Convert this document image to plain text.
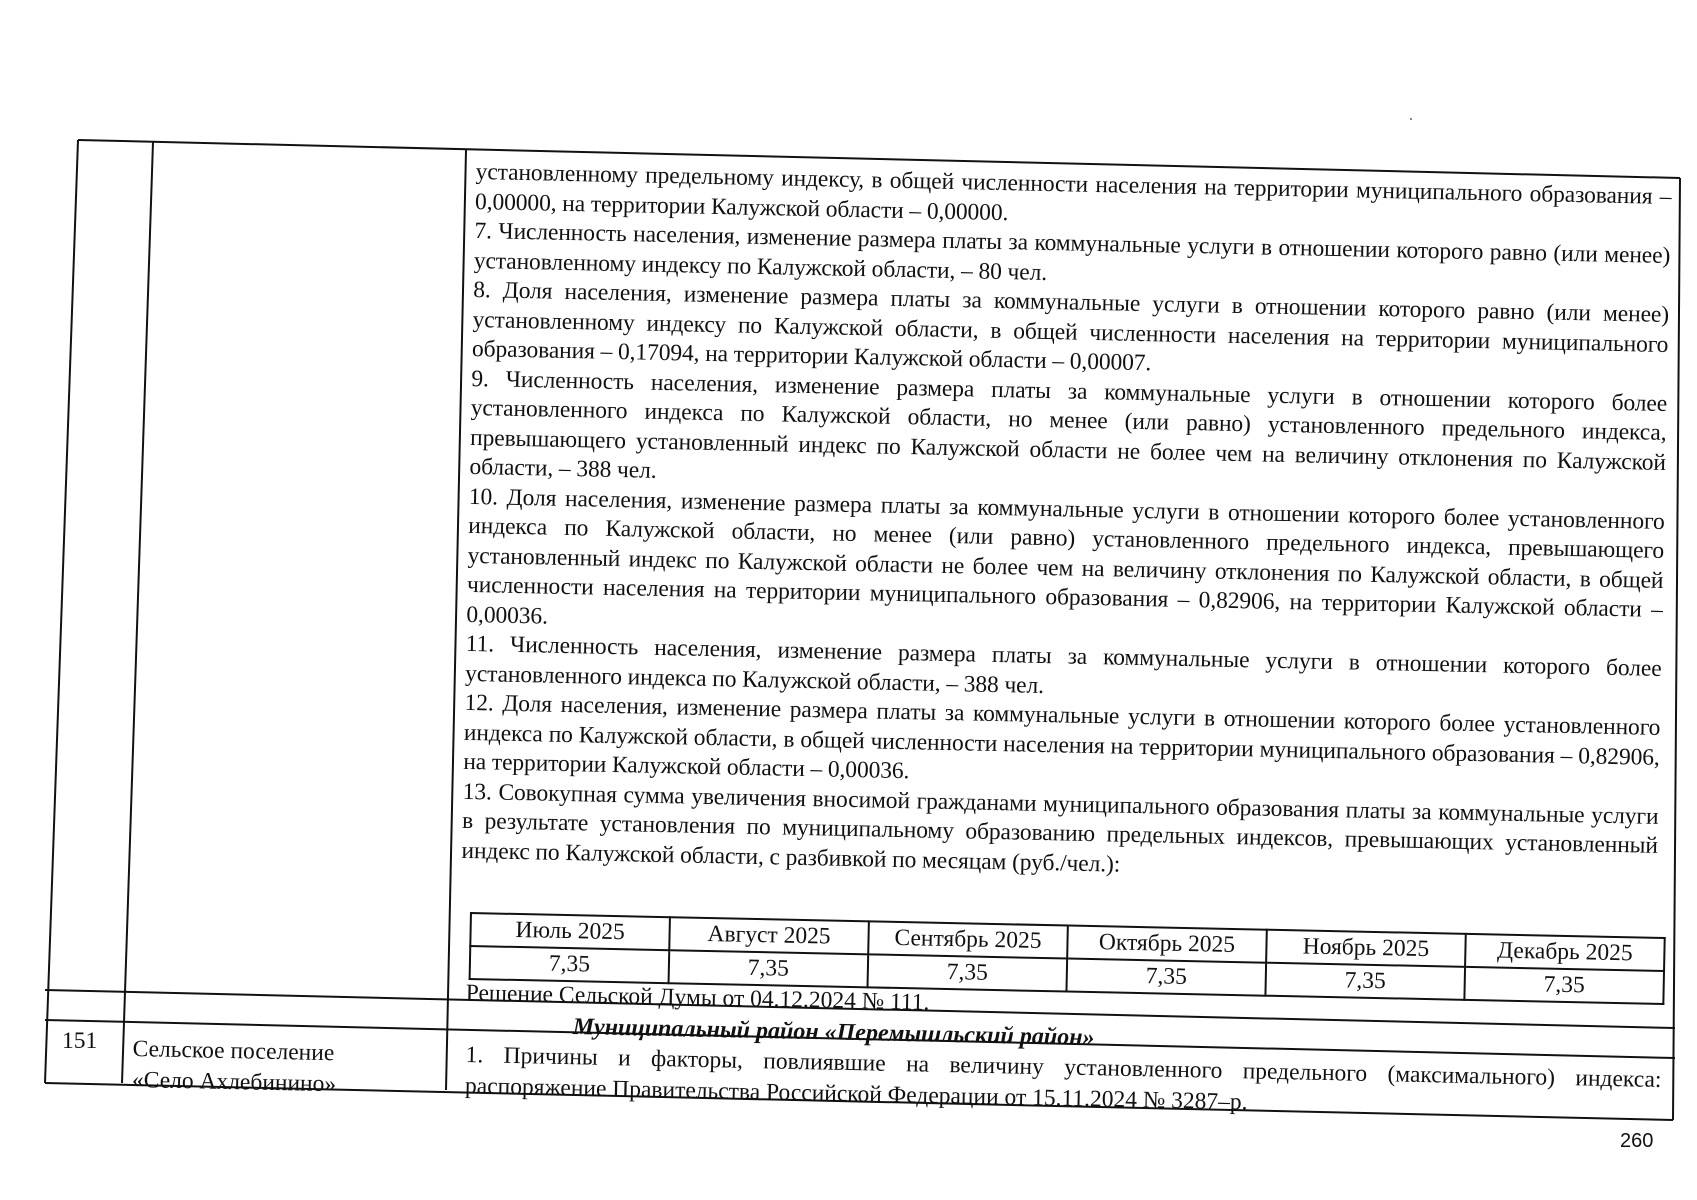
установленному предельному индексу, в общей численности населения на территории муниципального образования – 0,00000, на территории Калужской области – 0,00000.

7. Численность населения, изменение размера платы за коммунальные услуги в отношении которого равно (или менее) установленному индексу по Калужской области, – 80 чел.

8. Доля населения, изменение размера платы за коммунальные услуги в отношении которого равно (или менее) установленному индексу по Калужской области, в общей численности населения на территории муниципального образования – 0,17094, на территории Калужской области – 0,00007.

9. Численность населения, изменение размера платы за коммунальные услуги в отношении которого более установленного индекса по Калужской области, но менее (или равно) установленного предельного индекса, превышающего установленный индекс по Калужской области не более чем на величину отклонения по Калужской области, – 388 чел.

10. Доля населения, изменение размера платы за коммунальные услуги в отношении которого более установленного индекса по Калужской области, но менее (или равно) установленного предельного индекса, превышающего установленный индекс по Калужской области не более чем на величину отклонения по Калужской области, в общей численности населения на территории муниципального образования – 0,82906, на территории Калужской области – 0,00036.

11. Численность населения, изменение размера платы за коммунальные услуги в отношении которого более установленного индекса по Калужской области, – 388 чел.

12. Доля населения, изменение размера платы за коммунальные услуги в отношении которого более установленного индекса по Калужской области, в общей численности населения на территории муниципального образования – 0,82906, на территории Калужской области – 0,00036.

13. Совокупная сумма увеличения вносимой гражданами муниципального образования платы за коммунальные услуги в результате установления по муниципальному образованию предельных индексов, превышающих установленный индекс по Калужской области, с разбивкой по месяцам (руб./чел.):

Июль 2025	Август 2025	Сентябрь 2025	Октябрь 2025	Ноябрь 2025	Декабрь 2025
7,35	7,35	7,35	7,35	7,35	7,35
Решение Сельской Думы от 04.12.2024 № 111.
Муниципальный район «Перемышльский район»
151 Сельское поселение
«Село Ахлебинино»	1. Причины и факторы, повлиявшие на величину установленного предельного (максимального) индекса: распоряжение Правительства Российской Федерации от 15.11.2024 № 3287–р.
260
